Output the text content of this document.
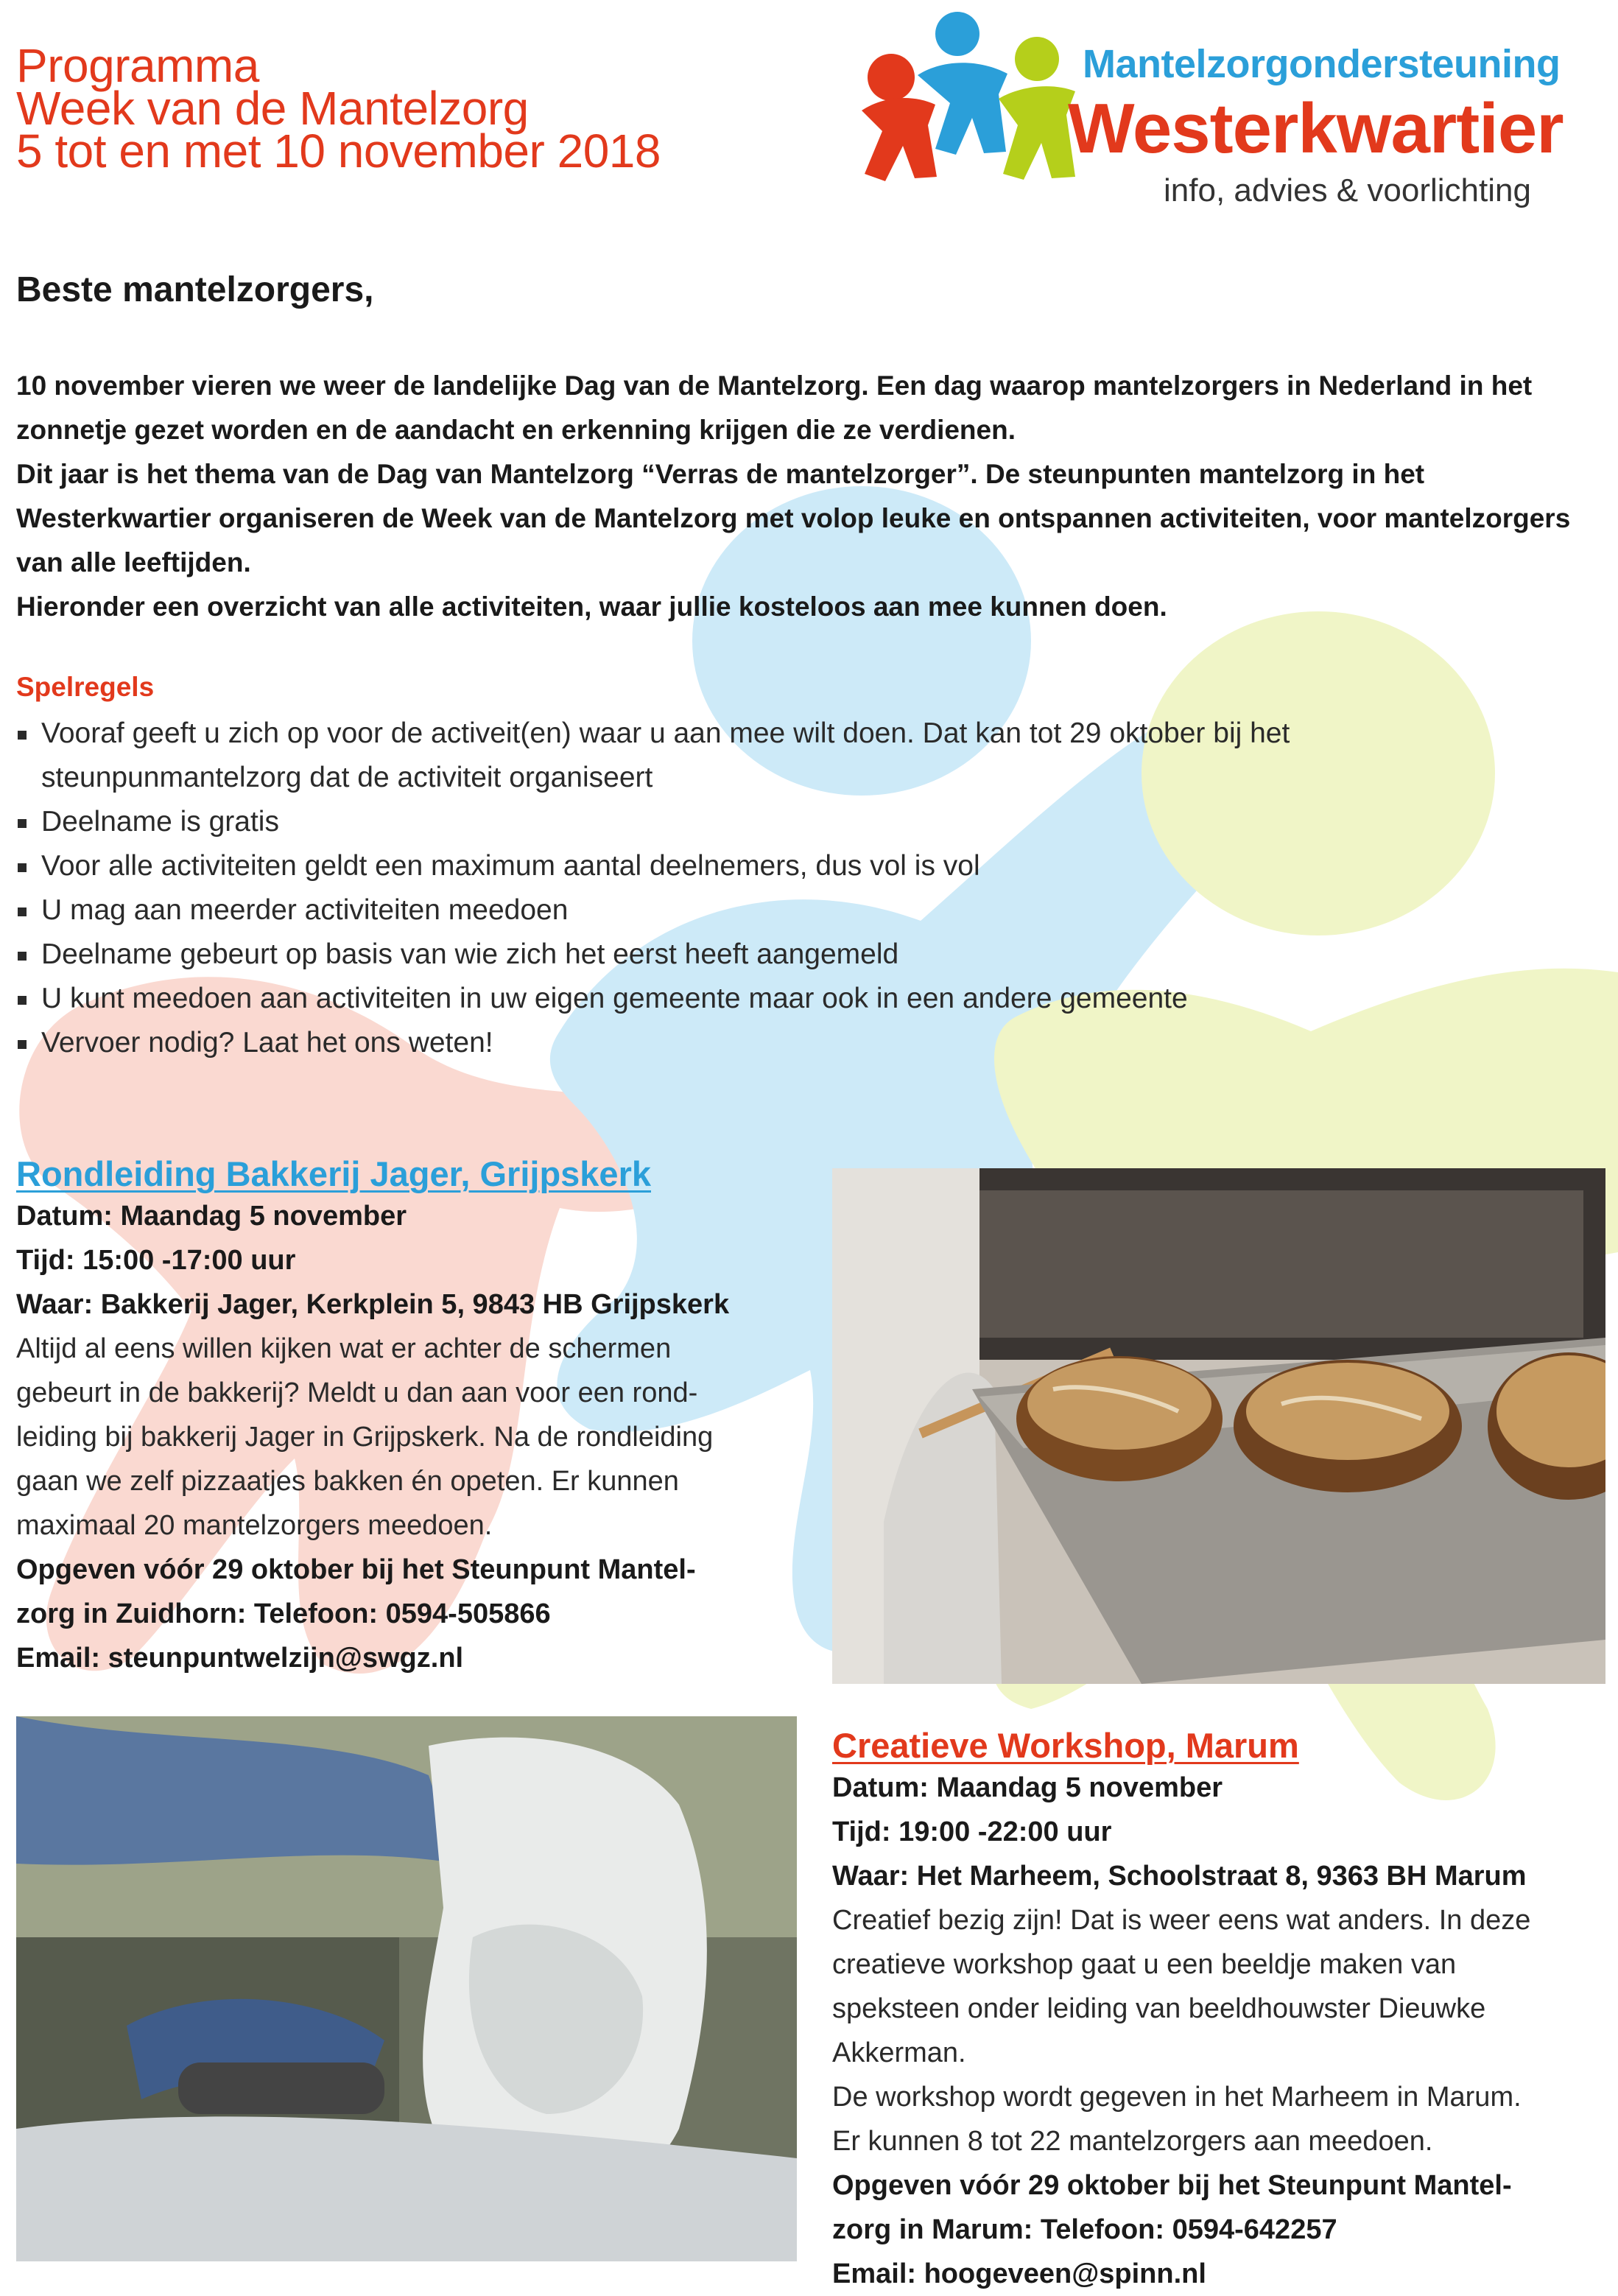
Programma
Week van de Mantelzorg
5 tot en met 10 november 2018
Mantelzorgondersteuning
Westerkwartier
info, advies & voorlichting
Beste mantelzorgers,

10 november vieren we weer de landelijke Dag van de Mantelzorg. Een dag waarop mantelzorgers in Nederland in het zonnetje gezet worden en de aandacht en erkenning krijgen die ze verdienen.

Dit jaar is het thema van de Dag van Mantelzorg “Verras de mantelzorger”. De steunpunten mantelzorg in het Westerkwartier organiseren de Week van de Mantelzorg met volop leuke en ontspannen activiteiten, voor mantelzorgers van alle leeftijden.

Hieronder een overzicht van alle activiteiten, waar jullie kosteloos aan mee kunnen doen.

Spelregels
Vooraf geeft u zich op voor de activeit(en) waar u aan mee wilt doen. Dat kan tot 29 oktober bij het steunpunmantelzorg dat de activiteit organiseert
Deelname is gratis
Voor alle activiteiten geldt een maximum aantal deelnemers, dus vol is vol
U mag aan meerder activiteiten meedoen
Deelname gebeurt op basis van wie zich het eerst heeft aangemeld
U kunt meedoen aan activiteiten in uw eigen gemeente maar ook in een andere gemeente
Vervoer nodig? Laat het ons weten!
Rondleiding Bakkerij Jager, Grijpskerk
Datum: Maandag 5 november
Tijd: 15:00 -17:00 uur
Waar: Bakkerij Jager, Kerkplein 5, 9843 HB Grijpskerk
Altijd al eens willen kijken wat er achter de schermen
gebeurt in de bakkerij? Meldt u dan aan voor een rond-
leiding bij bakkerij Jager in Grijpskerk. Na de rondleiding
gaan we zelf pizzaatjes bakken én opeten. Er kunnen
maximaal 20 mantelzorgers meedoen.
Opgeven vóór 29 oktober bij het Steunpunt Mantel-
zorg in Zuidhorn: Telefoon: 0594-505866
Email: steunpuntwelzijn@swgz.nl
Creatieve Workshop, Marum
Datum: Maandag 5 november
Tijd: 19:00 -22:00 uur
Waar: Het Marheem, Schoolstraat 8, 9363 BH Marum
Creatief bezig zijn! Dat is weer eens wat anders. In deze
creatieve workshop gaat u een beeldje maken van
speksteen onder leiding van beeldhouwster Dieuwke
Akkerman.
De workshop wordt gegeven in het Marheem in Marum.
Er kunnen 8 tot 22 mantelzorgers aan meedoen.
Opgeven vóór 29 oktober bij het Steunpunt Mantel-
zorg in Marum: Telefoon: 0594-642257
Email: hoogeveen@spinn.nl
